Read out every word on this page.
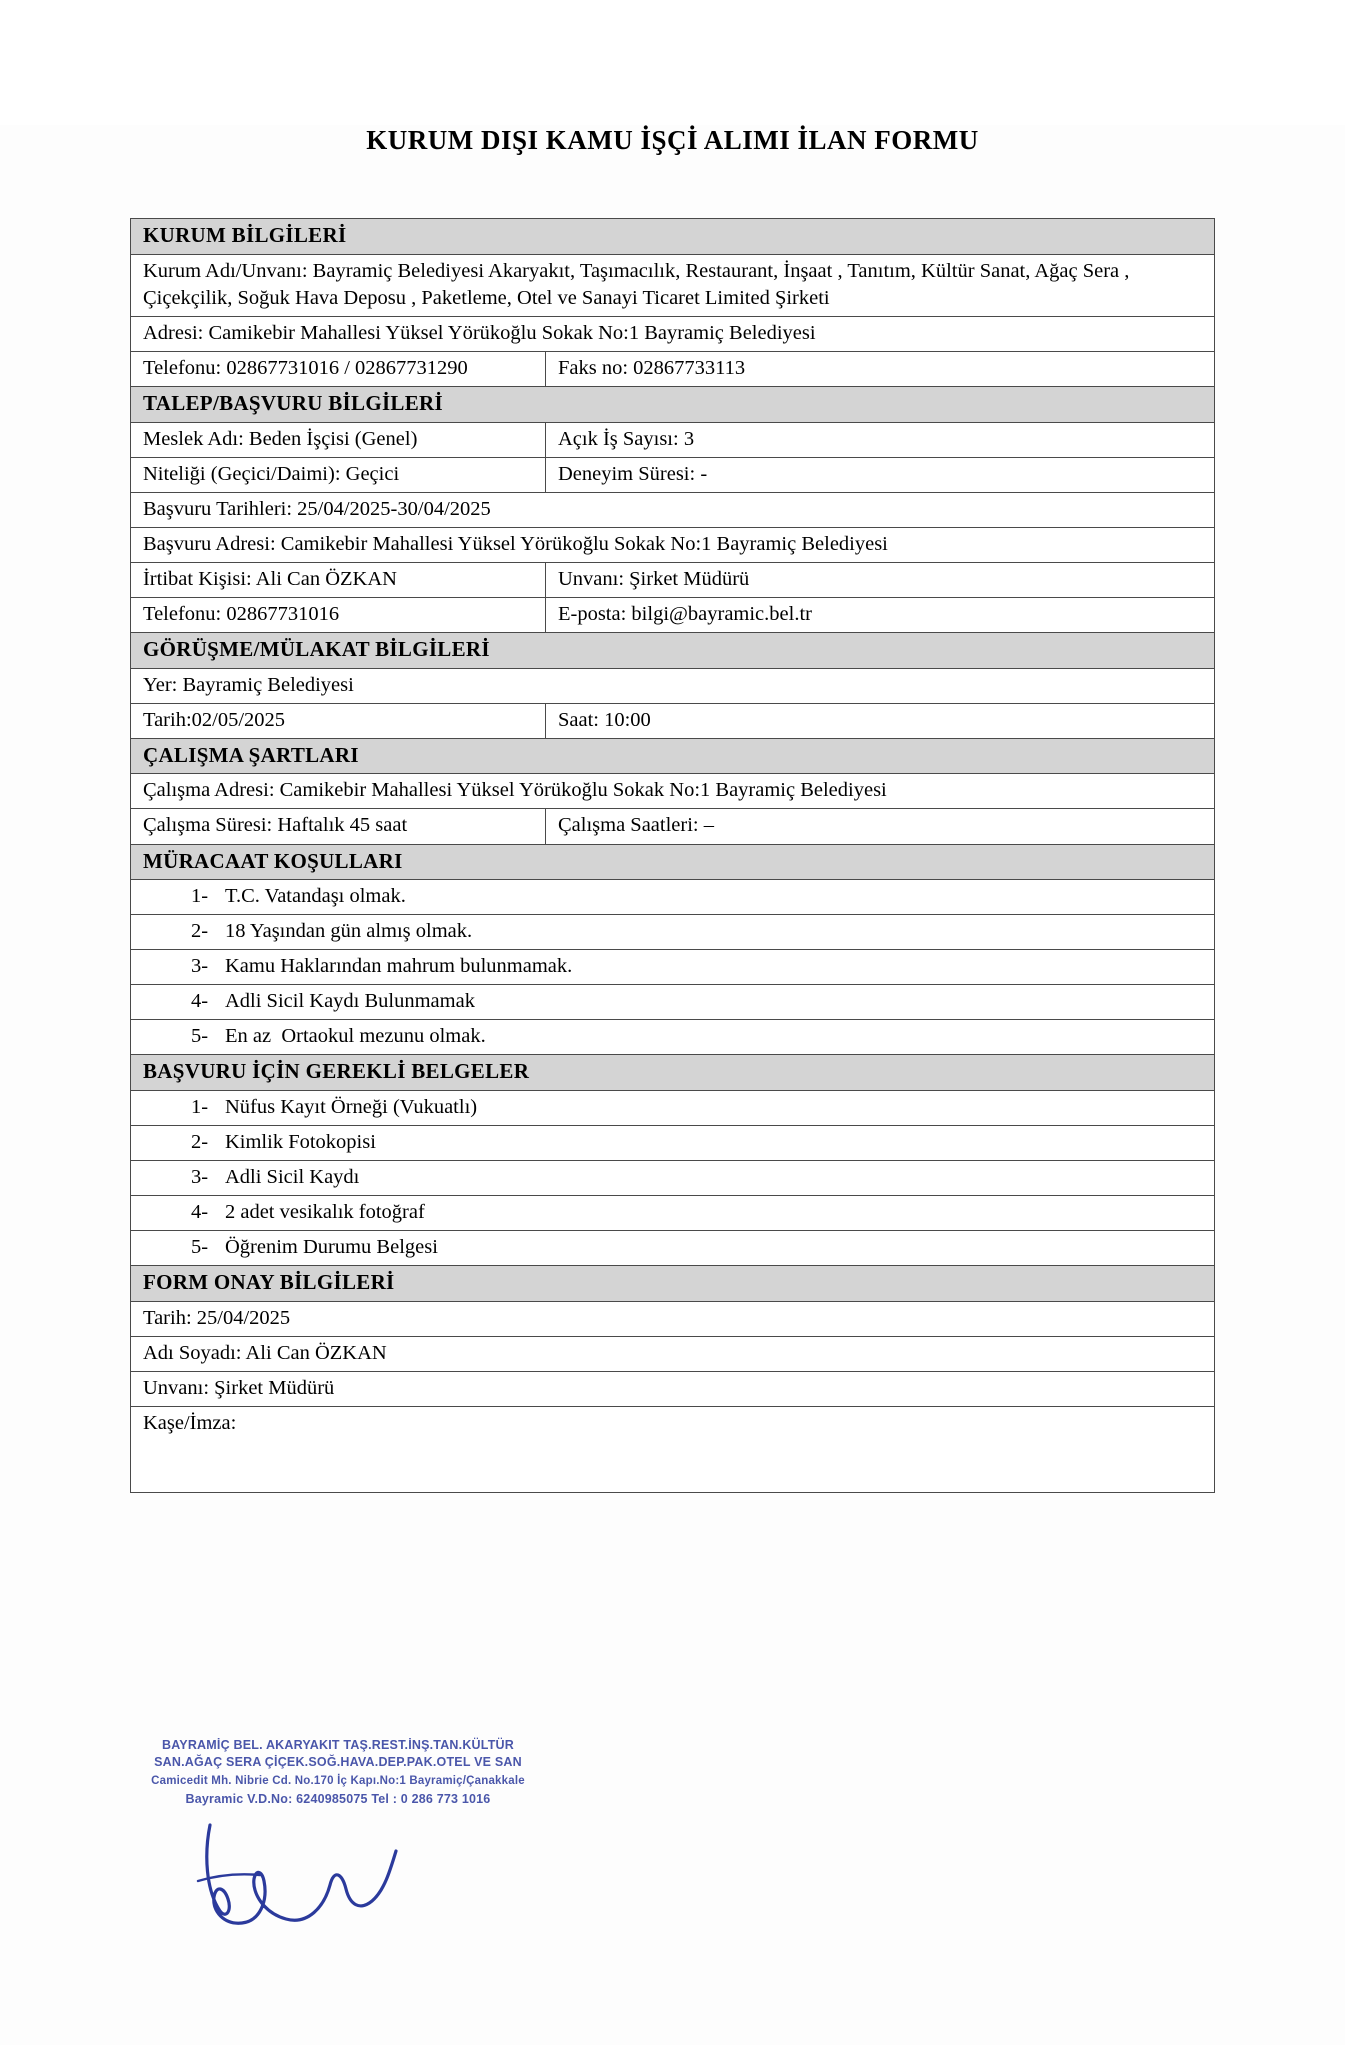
KURUM DIŞI KAMU İŞÇİ ALIMI İLAN FORMU
KURUM BİLGİLERİ	
Kurum Adı/Unvanı: Bayramiç Belediyesi Akaryakıt, Taşımacılık, Restaurant, İnşaat , Tanıtım, Kültür Sanat, Ağaç Sera , Çiçekçilik, Soğuk Hava Deposu , Paketleme, Otel ve Sanayi Ticaret Limited Şirketi	
Adresi: Camikebir Mahallesi Yüksel Yörükoğlu Sokak No:1 Bayramiç Belediyesi	
Telefonu: 02867731016 / 02867731290	Faks no: 02867733113
TALEP/BAŞVURU BİLGİLERİ	
Meslek Adı: Beden İşçisi (Genel)	Açık İş Sayısı: 3
Niteliği (Geçici/Daimi): Geçici	Deneyim Süresi: -
Başvuru Tarihleri: 25/04/2025-30/04/2025	
Başvuru Adresi: Camikebir Mahallesi Yüksel Yörükoğlu Sokak No:1 Bayramiç Belediyesi	
İrtibat Kişisi: Ali Can ÖZKAN	Unvanı: Şirket Müdürü
Telefonu: 02867731016	E-posta: bilgi@bayramic.bel.tr
GÖRÜŞME/MÜLAKAT BİLGİLERİ	
Yer: Bayramiç Belediyesi	
Tarih:02/05/2025	Saat: 10:00
ÇALIŞMA ŞARTLARI	
Çalışma Adresi: Camikebir Mahallesi Yüksel Yörükoğlu Sokak No:1 Bayramiç Belediyesi	
Çalışma Süresi: Haftalık 45 saat	Çalışma Saatleri: –
MÜRACAAT KOŞULLARI	
1- T.C. Vatandaşı olmak.	
2- 18 Yaşından gün almış olmak.	
3- Kamu Haklarından mahrum bulunmamak.	
4- Adli Sicil Kaydı Bulunmamak	
5- En az  Ortaokul mezunu olmak.	
BAŞVURU İÇİN GEREKLİ BELGELER	
1- Nüfus Kayıt Örneği (Vukuatlı)	
2- Kimlik Fotokopisi	
3- Adli Sicil Kaydı	
4- 2 adet vesikalık fotoğraf	
5- Öğrenim Durumu Belgesi	
FORM ONAY BİLGİLERİ	
Tarih: 25/04/2025	
Adı Soyadı: Ali Can ÖZKAN	
Unvanı: Şirket Müdürü	
Kaşe/İmza:	
BAYRAMİÇ BEL. AKARYAKIT TAŞ.REST.İNŞ.TAN.KÜLTÜR
SAN.AĞAÇ SERA ÇİÇEK.SOĞ.HAVA.DEP.PAK.OTEL VE SAN
Camicedit Mh. Nibrie Cd. No.170 İç Kapı.No:1 Bayramiç/Çanakkale
Bayramic V.D.No: 6240985075 Tel : 0 286 773 1016
